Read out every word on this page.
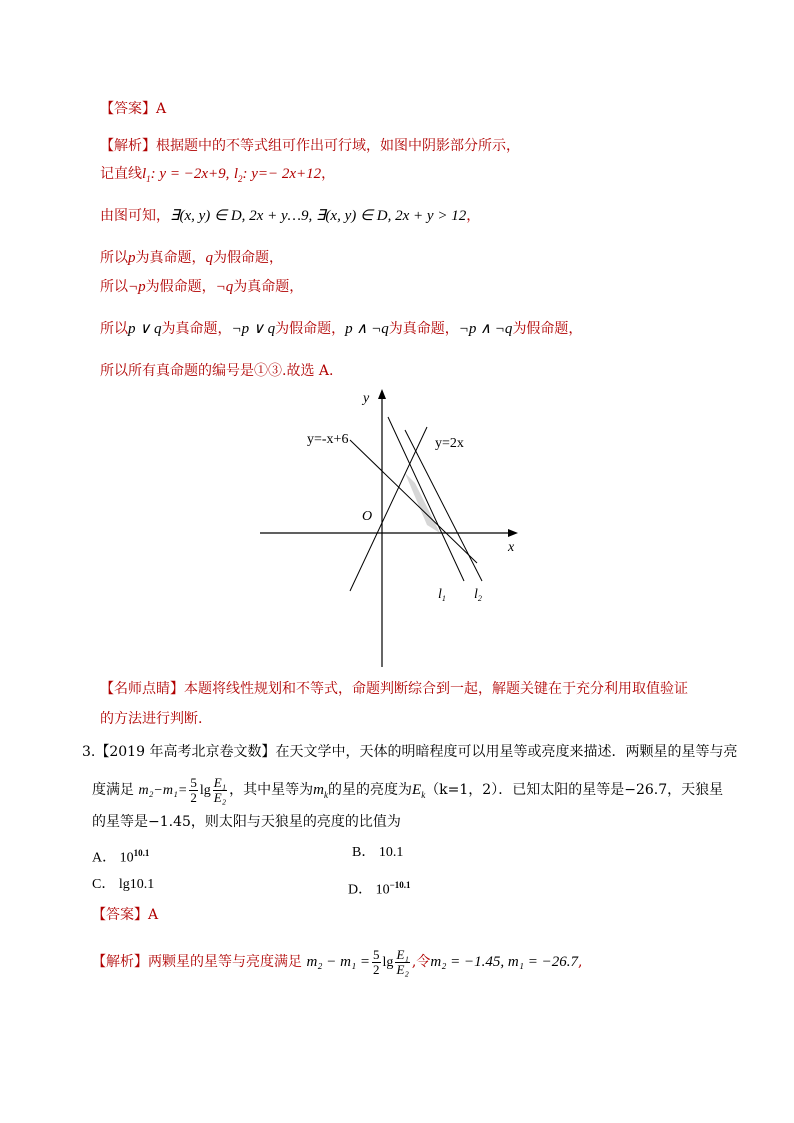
【答案】A
【解析】根据题中的不等式组可作出可行域，如图中阴影部分所示，
记直线$l_1$: y = −2x+9, $l_2$: y=− 2x+12，
由图可知，∃(x, y) ∈ D, 2x + y…9, ∃(x, y) ∈ D, 2x + y > 12，
所以p为真命题，q为假命题，
所以¬p为假命题，¬q为真命题，
所以p ∨ q为真命题，¬p ∨ q为假命题，p ∧ ¬q为真命题，¬p ∧ ¬q为假命题，
所以所有真命题的编号是①③.故选 A.
y
x
O
y=-x+6	y=2x
$l_1$ $l_2$
【名师点睛】本题将线性规划和不等式，命题判断综合到一起，解题关键在于充分利用取值验证
的方法进行判断.
3.【2019 年高考北京卷文数】在天文学中，天体的明暗程度可以用星等或亮度来描述．两颗星的星等与亮
度满足 $m_2-m_1= \frac{5}{2}$ $\lg \frac{\text{E₁}}{\text{E₂}}$ ，其中星等为$m_k$的星的亮度为$E_k(k=1$，2）．已知太阳的星等是−26.7，天狼星
的星等是−1.45，则太阳与天狼星的亮度的比值为
A． $10^{10.1}$	B． 10.1
C． lg10.1	D． $10^{-10.1}$
【答案】A
【解析】两颗星的星等与亮度满足 $m_2 - m_1 = \frac{5}{2}$ $\lg \frac{\text{E₁}}{\text{E₂}}$ ,令m₂ = −1.45, m₁ = −26.7,
